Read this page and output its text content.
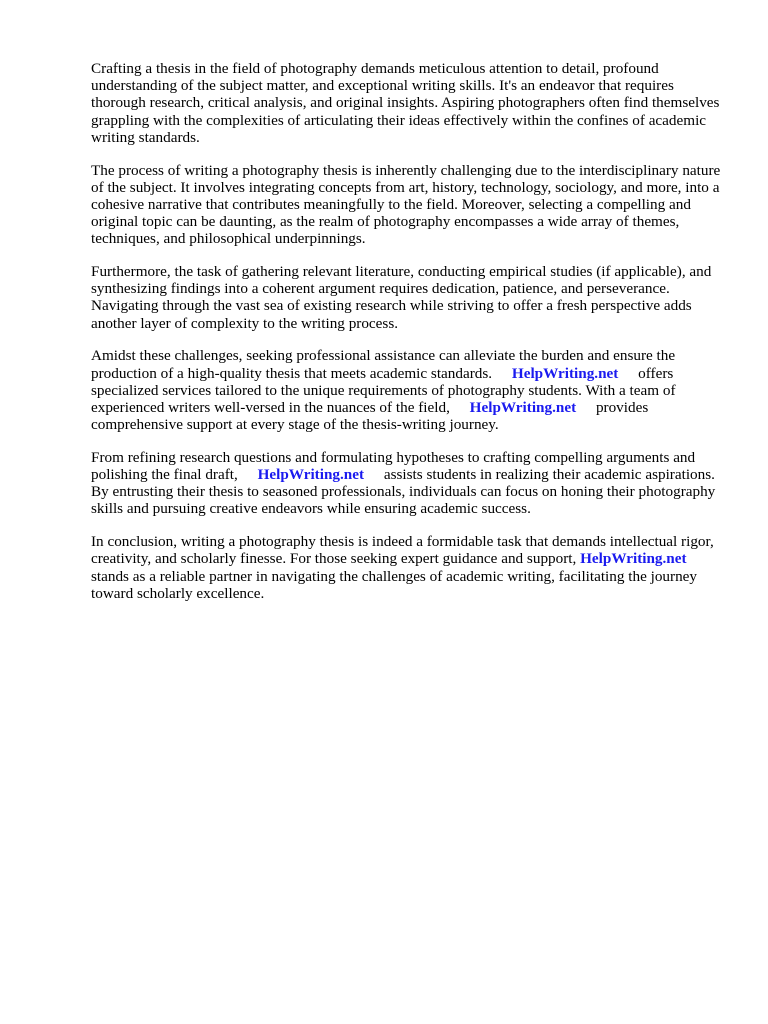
Crafting a thesis in the field of photography demands meticulous attention to detail, profound understanding of the subject matter, and exceptional writing skills. It's an endeavor that requires thorough research, critical analysis, and original insights. Aspiring photographers often find themselves grappling with the complexities of articulating their ideas effectively within the confines of academic writing standards.

The process of writing a photography thesis is inherently challenging due to the interdisciplinary nature of the subject. It involves integrating concepts from art, history, technology, sociology, and more, into a cohesive narrative that contributes meaningfully to the field. Moreover, selecting a compelling and original topic can be daunting, as the realm of photography encompasses a wide array of themes, techniques, and philosophical underpinnings.

Furthermore, the task of gathering relevant literature, conducting empirical studies (if applicable), and synthesizing findings into a coherent argument requires dedication, patience, and perseverance. Navigating through the vast sea of existing research while striving to offer a fresh perspective adds another layer of complexity to the writing process.

Amidst these challenges, seeking professional assistance can alleviate the burden and ensure the production of a high-quality thesis that meets academic standards. HelpWriting.net offers specialized services tailored to the unique requirements of photography students. With a team of experienced writers well-versed in the nuances of the field, HelpWriting.net provides comprehensive support at every stage of the thesis-writing journey.

From refining research questions and formulating hypotheses to crafting compelling arguments and polishing the final draft, HelpWriting.net assists students in realizing their academic aspirations. By entrusting their thesis to seasoned professionals, individuals can focus on honing their photography skills and pursuing creative endeavors while ensuring academic success.

In conclusion, writing a photography thesis is indeed a formidable task that demands intellectual rigor, creativity, and scholarly finesse. For those seeking expert guidance and support, HelpWriting.net stands as a reliable partner in navigating the challenges of academic writing, facilitating the journey toward scholarly excellence.
